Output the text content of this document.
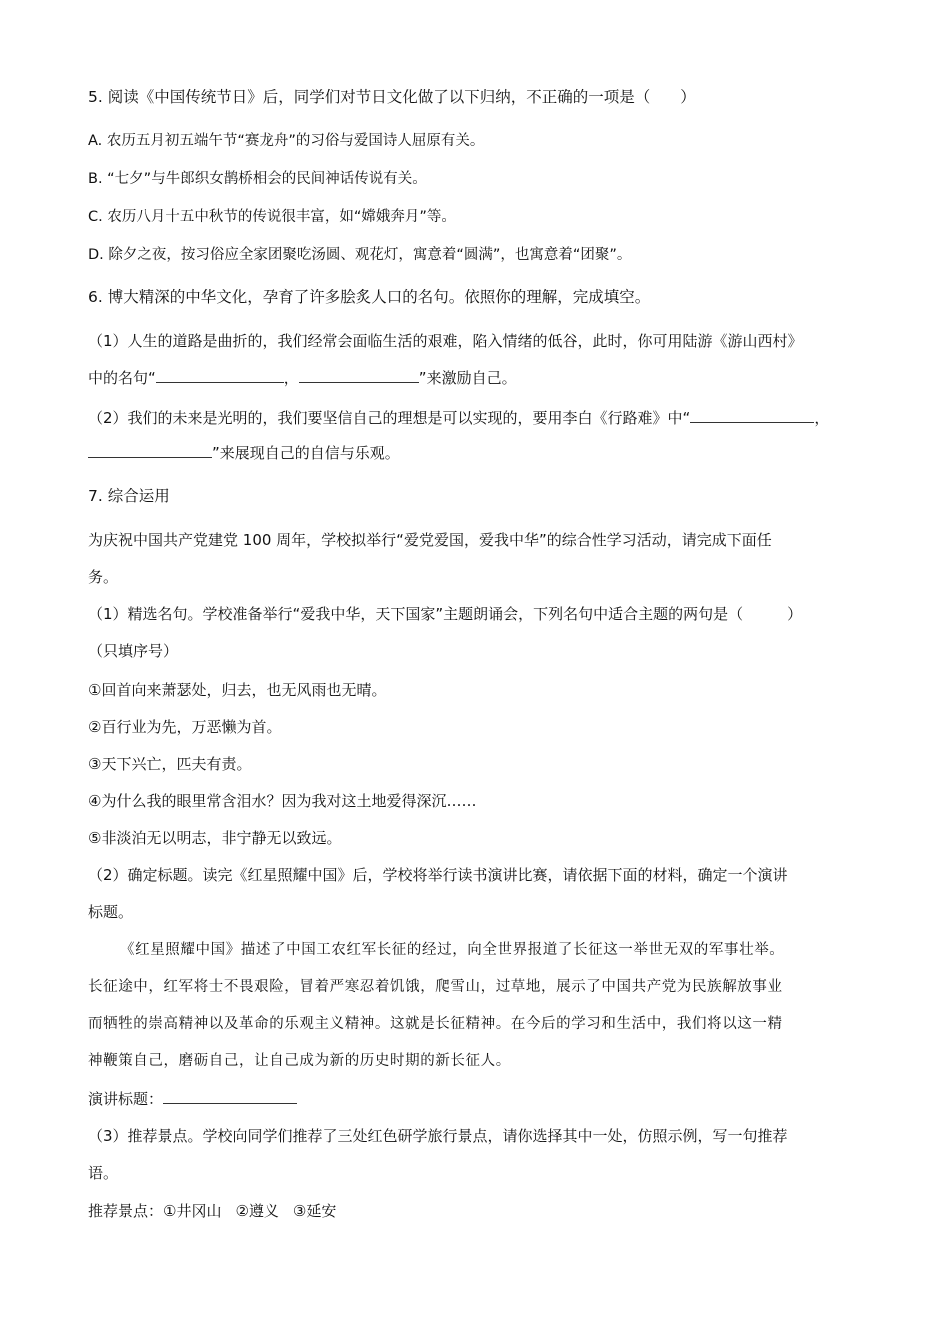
5. 阅读《中国传统节日》后，同学们对节日文化做了以下归纳，不正确的一项是（ ）
A. 农历五月初五端午节“赛龙舟”的习俗与爱国诗人屈原有关。
B. “七夕”与牛郎织女鹊桥相会的民间神话传说有关。
C. 农历八月十五中秋节的传说很丰富，如“嫦娥奔月”等。
D. 除夕之夜，按习俗应全家团聚吃汤圆、观花灯，寓意着“圆满”，也寓意着“团聚”。
6. 博大精深的中华文化，孕育了许多脍炙人口的名句。依照你的理解，完成填空。
（1）人生的道路是曲折的，我们经常会面临生活的艰难，陷入情绪的低谷，此时，你可用陆游《游山西村》
中的名句“	，	”来激励自己。
（2）我们的未来是光明的，我们要坚信自己的理想是可以实现的，要用李白《行路难》中“	，
”来展现自己的自信与乐观。
7. 综合运用
为庆祝中国共产党建党 100 周年，学校拟举行“爱党爱国，爱我中华”的综合性学习活动，请完成下面任
务。
（1）精选名句。学校准备举行“爱我中华，天下国家”主题朗诵会，下列名句中适合主题的两句是（	）
（只填序号）
①回首向来萧瑟处，归去，也无风雨也无晴。
②百行业为先，万恶懒为首。
③天下兴亡，匹夫有责。
④为什么我的眼里常含泪水？因为我对这土地爱得深沉……
⑤非淡泊无以明志，非宁静无以致远。
（2）确定标题。读完《红星照耀中国》后，学校将举行读书演讲比赛，请依据下面的材料，确定一个演讲
标题。
《红星照耀中国》描述了中国工农红军长征的经过，向全世界报道了长征这一举世无双的军事壮举。
长征途中，红军将士不畏艰险，冒着严寒忍着饥饿，爬雪山，过草地，展示了中国共产党为民族解放事业
而牺牲的崇高精神以及革命的乐观主义精神。这就是长征精神。在今后的学习和生活中，我们将以这一精
神鞭策自己，磨砺自己，让自己成为新的历史时期的新长征人。
演讲标题：
（3）推荐景点。学校向同学们推荐了三处红色研学旅行景点，请你选择其中一处，仿照示例，写一句推荐
语。
推荐景点：①井冈山 ②遵义 ③延安
